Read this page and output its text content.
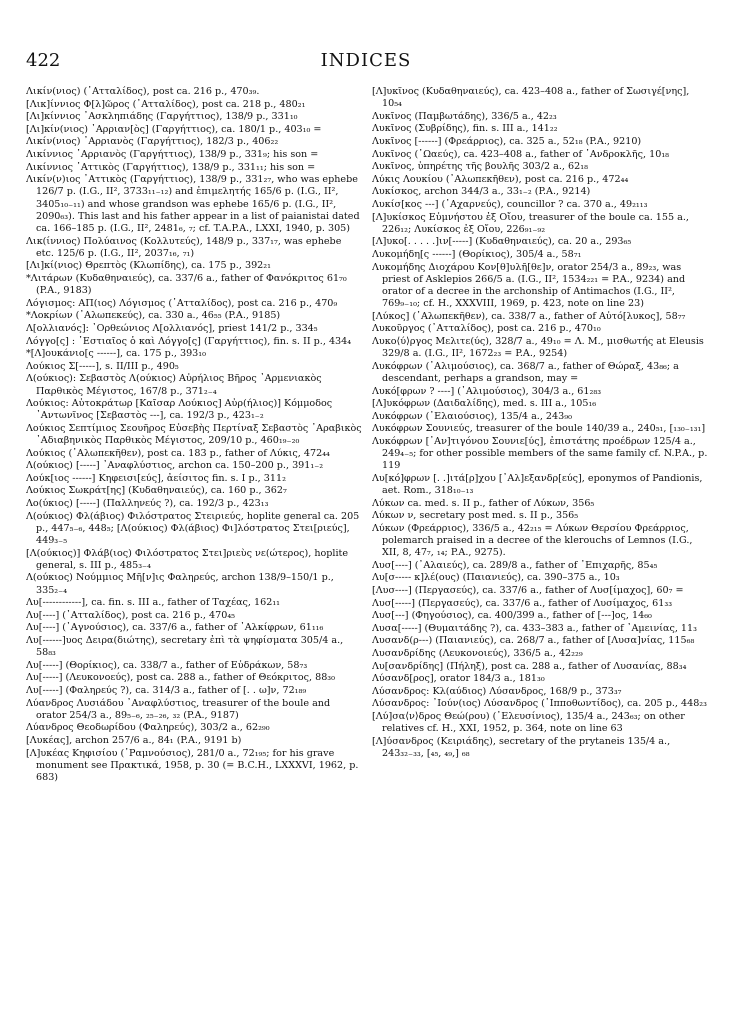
422	INDICES

Λικίν(νιος) (᾽Ατταλίδος), post ca. 216 p., 470₃₉.

[Λικ]ίννιος Φ[λ]ῶρος (᾽Ατταλίδος), post ca. 218 p., 480₂₁

[Λι]κίννιος ᾽Ασκληπιάδης (Γαργήττιος), 138/9 p., 331₁₀

[Λι]κίν(νιος) ᾽Αρριαν[ὸς] (Γαργήττιος), ca. 180/1 p., 403₁₀ =

Λικίν(νιος) ᾽Αρριανὸς (Γαργήττιος), 182/3 p., 406₂₂

Λικίννιος ᾽Αρριανὸς (Γαργήττιος), 138/9 p., 331₉; his son =

Λικίννιος ᾽Αττικὸς (Γαργήττιος), 138/9 p., 331₁₁; his son =

Λικίν(ν)ιος ᾽Αττικὸς (Γαργήττιος), 138/9 p., 331₂₇, who was ephebe 126/7 p. (I.G., II², 3733₁₁₋₁₂) and ἐπιμελητής 165/6 p. (I.G., II², 3405₁₀₋₁₁) and whose grandson was ephebe 165/6 p. (I.G., II², 2090₆₃). This last and his father appear in a list of paianistai dated ca. 166–185 p. (I.G., II², 2481₆, ₇; cf. T.A.P.A., LXXI, 1940, p. 305)

Λικ(ίννιος) Πολύαινος (Κολλυτεύς), 148/9 p., 337₁₇, was ephebe etc. 125/6 p. (I.G., II², 2037₁₆, ₇₁)

[Λι]κί(νιος) Θρεπτὸς (Κλωπίδης), ca. 175 p., 392₂₁

*Λιτάρων (Κυδαθηναιεύς), ca. 337/6 a., father of Φανόκριτος 61₇₀ (P.A., 9183)

Λόγισμος: ΑΠ(ιος) Λόγισμος (᾽Ατταλίδος), post ca. 216 p., 470₉

*Λοκρίων (᾽Αλωπεκεύς), ca. 330 a., 46₅₅ (P.A., 9185)

Λ[ολλιανός]: ᾽Ορθεώνιος Λ[ολλιανός], priest 141/2 p., 334₅

Λόγγο[ς] : ᾽Εστιαῖος ὁ καὶ Λόγγο[ς] (Γαργήττιος), fin. s. II p., 434₄

*[Λ]ουκάνιο[ς ------], ca. 175 p., 393₁₀

Λούκιος Σ[-----], s. II/III p., 490₅

Λ(ούκιος): Σεβαστὸς Λ(ούκιος) Αὐρήλιος Βῆρος ᾽Αρμενιακὸς Παρθικὸς Μέγιστος, 167/8 p., 371₂₋₄

Λούκιος: Αὐτοκράτωρ [Καῖσαρ Λούκιος] Αὐρ(ήλιος)] Κόμμοδος ᾽Αντωνῖνος [Σεβαστὸς ---], ca. 192/3 p., 423₁₋₂

Λούκιος Σεπτίμιος Σεουῆρος Εὐσεβὴς Περτίναξ Σεβαστὸς ᾽Αραβικὸς ᾽Αδιαβηνικὸς Παρθικὸς Μέγιστος, 209/10 p., 460₁₉₋₂₀

Λούκιος (᾽Αλωπεκῆθεν), post ca. 183 p., father of Λύκις, 472₄₄

Λ(ούκιος) [-----] ᾽Αναφλύστιος, archon ca. 150–200 p., 391₁₋₂

Λούκ[ιος ------] Κηφεισι[εύς], ἀείσιτος fin. s. I p., 311₂

Λούκιος Σωκράτ[ης] (Κυδαθηναιεύς), ca. 160 p., 362₇

Λο(ύκιος) [-----] (Παλληνεύς ?), ca. 192/3 p., 423₁₃

Λ(ούκιος) Φλ(άβιος) Φιλόστρατος Στειριεύς, hoplite general ca. 205 p., 447₅₋₆, 448₅; [Λ(ούκιος) Φλ(άβιος) Φι]λόστρατος Στει[ριεύς], 449₃₋₅

[Λ(ούκιος)] Φλάβ(ιος) Φιλόστρατος Στει]ριεὺς νε(ώτερος), hoplite general, s. III p., 485₃₋₄

Λ(ούκιος) Νούμμιος Μῆ[ν]ις Φαληρεύς, archon 138/9–150/1 p., 335₂₋₄

Λυ[------------], ca. fin. s. III a., father of Ταχέας, 162₁₁

Λυ[----] (᾽Ατταλίδος), post ca. 216 p., 470₄₅

Λυ[----] (᾽Αγνούσιος), ca. 337/6 a., father of ᾽Αλκίφρων, 61₁₁₆

Λυ[------]υος Δειρα(διώτης), secretary ἐπὶ τὰ ψηφίσματα 305/4 a., 58₈₃

Λυ[-----] (Θορίκιος), ca. 338/7 a., father of Εὐδράκων, 58₇₃

Λυ[-----] (Λευκονοεύς), post ca. 288 a., father of Θεόκριτος, 88₃₀

Λυ[-----] (Φαληρεύς ?), ca. 314/3 a., father of [. . ω]ν, 72₁₈₉

Λύανδρος Λυσιάδου ᾽Αναφλύστιος, treasurer of the boule and orator 254/3 a., 89₅₋₆, ₂₅₋₂₆, ₃₂ (P.A., 9187)

Λύανδρος Θεοδωρίδου (Φαληρεύς), 303/2 a., 62₂₉₀

[Λυκέας], archon 257/6 a., 84₁ (P.A., 9191 b)

[Λ]υκέας Κηφισίου (᾽Ραμνούσιος), 281/0 a., 72₁₉₅; for his grave monument see Πρακτικά, 1958, p. 30 (= B.C.H., LXXXVI, 1962, p. 683)

[Λ]υκῖνος (Κυδαθηναιεύς), ca. 423–408 a., father of Σωσιγέ[νης], 10₅₄

Λυκῖνος (Παμβωτάδης), 336/5 a., 42₂₃

Λυκῖνος (Συβρίδης), fin. s. III a., 141₂₂

Λυκῖνος [------] (Φρεάρριος), ca. 325 a., 52₁₈ (P.A., 9210)

Λυκῖνος (᾽Ωαεύς), ca. 423–408 a., father of ᾽Ανδροκλῆς, 10₁₈

Λυκῖνος, ὑπηρέτης τῆς βουλῆς 303/2 a., 62₁₈

Λύκις Λουκίου (᾽Αλωπεκῆθεν), post ca. 216 p., 472₄₄

Λυκίσκος, archon 344/3 a., 33₁₋₂ (P.A., 9214)

Λυκίσ[κος ---] (᾽Αχαρνεύς), councillor ? ca. 370 a., 49₂₁₁₃

[Λ]υκίσκος Εὐμνήστου ἐξ Οἴου, treasurer of the boule ca. 155 a., 226₁₂; Λυκίσκος ἐξ Οἴου, 226₉₁₋₉₂

[Λ]υκο[. . . . .]ιν[-----] (Κυδαθηναιεύς), ca. 20 a., 293₆₅

Λυκομήδη[ς ------] (Θορίκιος), 305/4 a., 58₇₁

Λυκομήδης Διοχάρου Κον[θ]υλῆ[θε]ν, orator 254/3 a., 89₂₃, was priest of Asklepios 266/5 a. (I.G., II², 1534₂₂₁ = P.A., 9234) and orator of a decree in the archonship of Antimachos (I.G., II², 769₉₋₁₀; cf. H., XXXVIII, 1969, p. 423, note on line 23)

[Λύκος] (᾽Αλωπεκῆθεν), ca. 338/7 a., father of Αὐτό[λυκος], 58₇₇

Λυκοῦργος (᾽Ατταλίδος), post ca. 216 p., 470₁₀

Λυκο⟨ύ⟩ργος Μελιτε(ύς), 328/7 a., 49₁₀ = Λ. Μ., μισθωτής at Eleusis 329/8 a. (I.G., II², 1672₂₃ = P.A., 9254)

Λυκόφρων (᾽Αλιμούσιος), ca. 368/7 a., father of Θώραξ, 43₈₆; a descendant, perhaps a grandson, may =

Λυκό[φρων ? ----] (᾽Αλιμούσιος), 304/3 a., 61₂₈₃

[Λ]υκόφρων (Δαιδαλίδης), med. s. III a., 105₁₆

Λυκόφρων (᾽Ελαιούσιος), 135/4 a., 243₉₀

Λυκόφρων Σουνιεύς, treasurer of the boule 140/39 a., 240₅₁, [₁₃₀₋₁₃₁]

Λυκόφρων [᾽Αν]τιγόνου Σουνιε[ύς], ἐπιστάτης προέδρων 125/4 a., 249₄₋₅; for other possible members of the same family cf. N.P.A., p. 119

Λυ[κό]φρων [. .]ιτά[ρ]χου [᾽Αλ]εξανδρ[εύς], eponymos of Pandionis, aet. Rom., 318₁₀₋₁₃

Λύκων ca. med. s. II p., father of Λύκων, 356₅

Λύκων ν, secretary post med. s. II p., 356₅

Λύκων (Φρεάρριος), 336/5 a., 42₂₁₅ = Λύκων Θερσίου Φρεάρριος, polemarch praised in a decree of the klerouchs of Lemnos (I.G., XII, 8, 47₇, ₁₄; P.A., 9275).

Λυσ[----] (᾽Αλαιεύς), ca. 289/8 a., father of ᾽Επιχαρῆς, 85₄₅

Λυ[σ----- κ]λέ(ους) (Παιανιεύς), ca. 390–375 a., 10₃

[Λυσ----] (Περγασεύς), ca. 337/6 a., father of Λυσ[ίμαχος], 60₇ =

Λυσ[-----] (Περγασεύς), ca. 337/6 a., father of Λυσίμαχος, 61₃₃

Λυσ[---] (Φηγούσιος), ca. 400/399 a., father of [---]ος, 14₆₀

Λυσα[-----] (Θυμαιτάδης ?), ca. 433–383 a., father of ᾽Αμεινίας, 11₃

Λυσανδ(ρ---) (Παιανιεύς), ca. 268/7 a., father of [Λυσα]νίας, 115₆₈

Λυσανδρίδης (Λευκονοιεύς), 336/5 a., 42₂₂₉

Λυ[σανδρίδης] (Πήληξ), post ca. 288 a., father of Λυσανίας, 88₃₄

Λύσανδ[ρος], orator 184/3 a., 181₃₀

Λύσανδρος: Κλ(αύδιος) Λύσανδρος, 168/9 p., 373₃₇

Λύσανδρος: ᾽Ιούν(ιος) Λύσανδρος (῾Ιπποθωντίδος), ca. 205 p., 448₂₃

[Λύ]σα⟨ν⟩δρος Θεώ(ρου) (᾽Ελευσίνιος), 135/4 a., 243₆₃; on other relatives cf. H., XXI, 1952, p. 364, note on line 63

[Λ]ύσανδρος (Κειριάδης), secretary of the prytaneis 135/4 a., 243₃₂₋₃₃, [₄₅, ₄₉,] ₆₈
